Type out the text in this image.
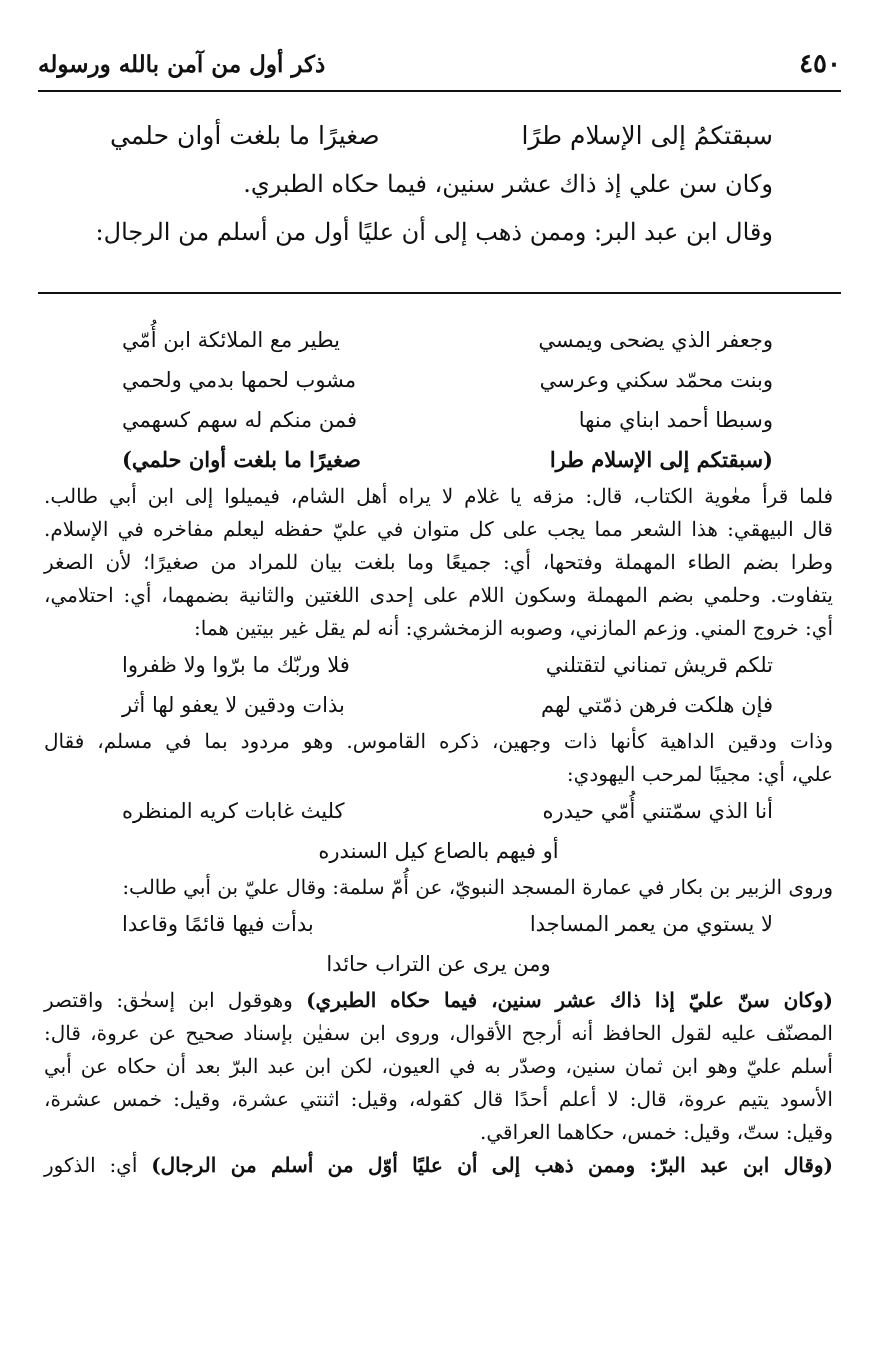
٤٥٠
ذكر أول من آمن بالله ورسوله
سبقتكمُ إلى الإسلام طرًا
صغيرًا ما بلغت أوان حلمي
وكان سن علي إذ ذاك عشر سنين، فيما حكاه الطبري.
وقال ابن عبد البر: وممن ذهب إلى أن عليًا أول من أسلم من الرجال:
وجعفر الذي يضحى ويمسي
يطير مع الملائكة ابن أُمّي
وبنت محمّد سكني وعرسي
مشوب لحمها بدمي ولحمي
وسبطا أحمد ابناي منها
فمن منكم له سهم كسهمي
(سبقتكم إلى الإسلام طرا
صغيرًا ما بلغت أوان حلمي)
فلما قرأ معٰوية الكتاب، قال: مزقه يا غلام لا يراه أهل الشام، فيميلوا إلى ابن أبي طالب.
قال البيهقي: هذا الشعر مما يجب على كل متوان في عليّ حفظه ليعلم مفاخره في الإسلام.
وطرا بضم الطاء المهملة وفتحها، أي: جميعًا وما بلغت بيان للمراد من صغيرًا؛ لأن الصغر
يتفاوت. وحلمي بضم المهملة وسكون اللام على إحدى اللغتين والثانية بضمهما، أي: احتلامي،
أي: خروج المني. وزعم المازني، وصوبه الزمخشري: أنه لم يقل غير بيتين هما:
تلكم قريش تمناني لتقتلني
فلا وربّك ما برّوا ولا ظفروا
فإن هلكت فرهن ذمّتي لهم
بذات ودقين لا يعفو لها أثر
وذات ودقين الداهية كأنها ذات وجهين، ذكره القاموس. وهو مردود بما في مسلم، فقال
علي، أي: مجيبًا لمرحب اليهودي:
أنا الذي سمّتني أُمّي حيدره
كليث غابات كريه المنظره
أو فيهم بالصاع كيل السندره
وروى الزبير بن بكار في عمارة المسجد النبويّ، عن أُمّ سلمة: وقال عليّ بن أبي طالب:
لا يستوي من يعمر المساجدا
بدأت فيها قائمًا وقاعدا
ومن يرى عن التراب حائدا
(وكان سنّ عليّ إذا ذاك عشر سنين، فيما حكاه الطبري) وهوقول ابن إسحٰق: واقتصر
المصنّف عليه لقول الحافظ أنه أرجح الأقوال، وروى ابن سفيٰن بإسناد صحيح عن عروة، قال:
أسلم عليّ وهو ابن ثمان سنين، وصدّر به في العيون، لكن ابن عبد البرّ بعد أن حكاه عن أبي
الأسود يتيم عروة، قال: لا أعلم أحدًا قال كقوله، وقيل: اثنتي عشرة، وقيل: خمس عشرة،
وقيل: ستّ، وقيل: خمس، حكاهما العراقي.
(وقال ابن عبد البرّ: وممن ذهب إلى أن عليًا أوّل من أسلم من الرجال) أي: الذكور
